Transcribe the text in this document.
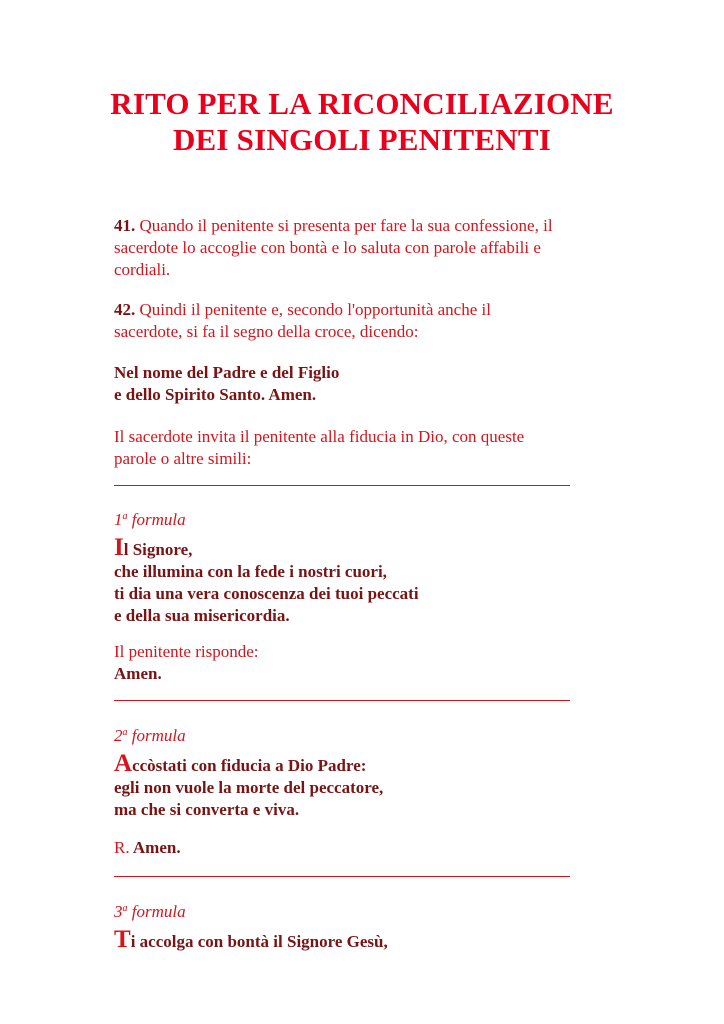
RITO PER LA RICONCILIAZIONE
DEI SINGOLI PENITENTI
41. Quando il penitente si presenta per fare la sua confessione, il
sacerdote lo accoglie con bontà e lo saluta con parole affabili e
cordiali.
42. Quindi il penitente e, secondo l'opportunità anche il
sacerdote, si fa il segno della croce, dicendo:
Nel nome del Padre e del Figlio
e dello Spirito Santo. Amen.
Il sacerdote invita il penitente alla fiducia in Dio, con queste
parole o altre simili:
1$^a$ formula
Il Signore,
che illumina con la fede i nostri cuori,
ti dia una vera conoscenza dei tuoi peccati
e della sua misericordia.
Il penitente risponde:
Amen.
2$^a$ formula
Accòstati con fiducia a Dio Padre:
egli non vuole la morte del peccatore,
ma che si converta e viva.
R. Amen.
3$^a$ formula
Ti accolga con bontà il Signore Gesù,
